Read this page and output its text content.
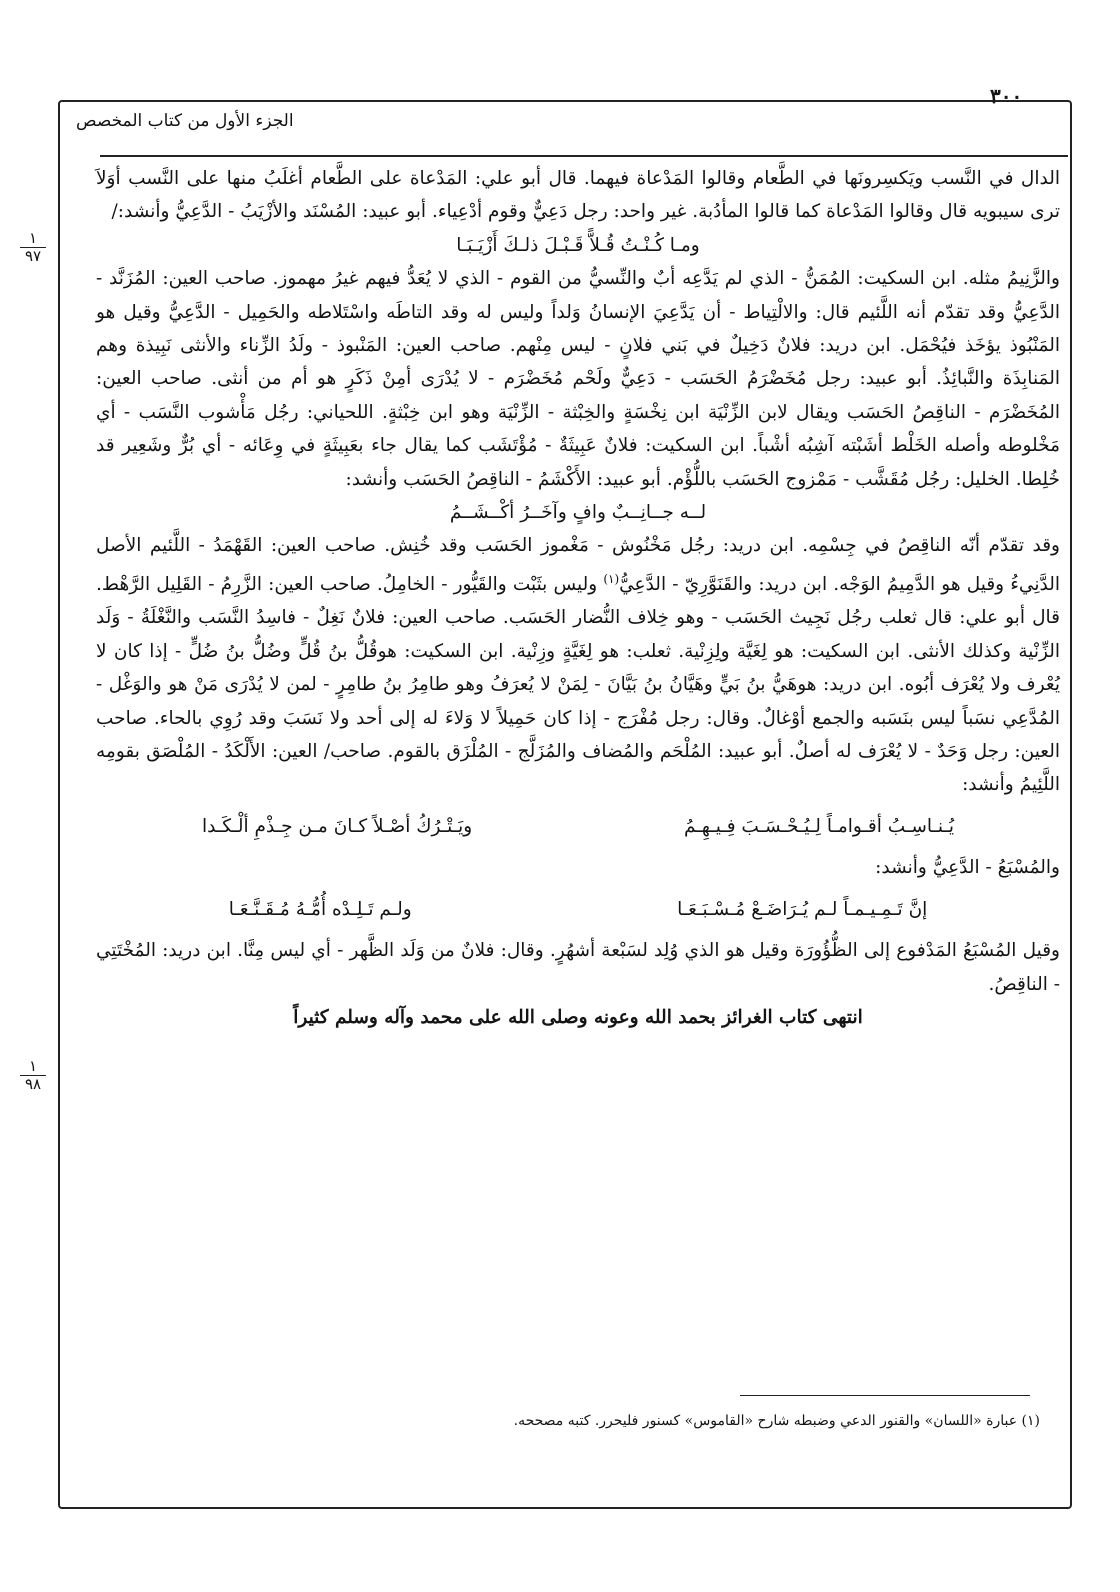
٣٠٠
الجزء الأول من كتاب المخصص
١
٩٧
١
٩٨

الدال في النَّسب ويَكسِرونَها في الطَّعام وقالوا المَدْعاة فيهما. قال أبو علي: المَدْعاة على الطَّعام أغلَبُ منها على النَّسب أوَلاَ ترى سيبويه قال وقالوا المَدْعاة كما قالوا المأدُبة. غير واحد: رجل دَعِيٌّ وقوم أدْعِياء. أبو عبيد: المُسْنَد والأزْيَبُ - الدَّعِيُّ وأنشد:/

ومـا كُـنْـتُ قُـلاًّ قَـبْـلَ ذلـكَ أَزْيَـبَـا

والزَّنِيمُ مثله. ابن السكيت: المُمَنُّ - الذي لم يَدَّعِه أبٌ والنِّسيُّ من القوم - الذي لا يُعَدُّ فيهم غيرُ مهموز. صاحب العين: المُزَنَّد - الدَّعِيُّ وقد تقدّم أنه اللَّئيم قال: والالْتِياط - أن يَدَّعِيَ الإنسانُ وَلداً وليس له وقد التاطَه واسْتَلاطه والحَمِيل - الدَّعِيُّ وقيل هو المَنْبُوذ يؤخَذ فيُحْمَل. ابن دريد: فلانٌ دَخِيلٌ في بَني فلانٍ - ليس مِنْهم. صاحب العين: المَنْبوذ - ولَدُ الزِّناء والأنثى نَبِيذة وهم المَنابِذَة والنَّبائِذُ. أبو عبيد: رجل مُخَضْرَمُ الحَسَب - دَعِيٌّ ولَحْم مُخَضْرَم - لا يُدْرَى أمِنْ ذَكَرٍ هو أم من أنثى. صاحب العين: المُخَضْرَم - الناقِصُ الحَسَب ويقال لابن الزِّنْيَة ابن نِخْسَةٍ والخِبْثة - الزِّنْيَة وهو ابن خِبْثةٍ. اللحياني: رجُل مَأْشوب النَّسَب - أي مَخْلوطه وأصله الخَلْط أشَبْته آشِبُه أشْباً. ابن السكيت: فلانٌ عَبِيثَةٌ - مُؤْتَشَب كما يقال جاء بعَبِيثَةٍ في وِعَائه - أي بُرٌّ وشَعِير قد خُلِطا. الخليل: رجُل مُقَشَّب - مَمْزوج الحَسَب باللُّؤْم. أبو عبيد: الأَكْشَمُ - الناقِصُ الحَسَب وأنشد:

لــه جــانِــبٌ وافٍ وآخَــرُ أكْــشَــمُ

وقد تقدّم أنّه الناقِصُ في جِسْمِه. ابن دريد: رجُل مَخْنُوش - مَغْموز الحَسَب وقد خُنِش. صاحب العين: القَهْمَدُ - اللَّئيم الأصل الدَّنِيءُ وقيل هو الدَّمِيمُ الوَجْه. ابن دريد: والقَنَوَّرِيّ - الدَّعِيُّ$^{(١)}$ وليس بثَبْت والقَيُّور - الخامِلُ. صاحب العين: الزَّرِمُ - القَلِيل الرَّهْط. قال أبو علي: قال ثعلب رجُل نَجِيث الحَسَب - وهو خِلاف النُّضار الحَسَب. صاحب العين: فلانٌ نَغِلٌ - فاسِدُ النَّسَب والنَّغْلَةُ - وَلَد الزِّنْية وكذلك الأنثى. ابن السكيت: هو لِغَيَّة ولِزِنْية. ثعلب: هو لِغَيَّةٍ وزِنْية. ابن السكيت: هوقُلُّ بنُ قُلٍّ وضُلُّ بنُ ضُلٍّ - إذا كان لا يُعْرف ولا يُعْرَف أبُوه. ابن دريد: هوهَيُّ بنُ بَيٍّ وهَيَّانُ بنُ بَيَّانَ - لِمَنْ لا يُعرَفُ وهو طامِرُ بنُ طامِرٍ - لمن لا يُدْرَى مَنْ هو والوَغْل - المُدَّعِي نسَباً ليس بنَسَبه والجمع أوْغالٌ. وقال: رجل مُفْرَج - إذا كان حَمِيلاً لا وَلاءَ له إلى أحد ولا نَسَبَ وقد رُوِي بالحاء. صاحب العين: رجل وَحَدٌ - لا يُعْرَف له أصلٌ. أبو عبيد: المُلْحَم والمُضاف والمُزَلَّج - المُلْزَق بالقوم. صاحب/ العين: الأَلْكَدُ - المُلْصَق بقومِه اللَّئِيمُ وأنشد:

يُـنـاسِـبُ أقـوامـاً لِـيُـحْـسَـبَ فِـيـهِـمُ
ويَـتْـرُكُ أصْـلاً كـانَ مـن جِـذْمِ ألْـكَـدا

والمُسْبَعُ - الدَّعِيُّ وأنشد:

إنَّ تَـمِـيـمـاً لـم يُـرَاضَـعْ مُـسْـبَـعَـا
ولـم تَـلِـدْه أُمُّـهُ مُـقَـنَّـعَـا

وقيل المُسْبَعُ المَدْفوع إلى الظُّؤُورَة وقيل هو الذي وُلِد لسَبْعة أشهُرٍ. وقال: فلانٌ من وَلَد الظَّهر - أي ليس مِنَّا. ابن دريد: المُخْتَتِي - الناقِصُ.

انتهى كتاب الغرائز بحمد الله وعونه وصلى الله على محمد وآله وسلم كثيراً

(١) عبارة «اللسان» والقنور الدعي وضبطه شارح «القاموس» كسنور فليحرر. كتبه مصححه.
